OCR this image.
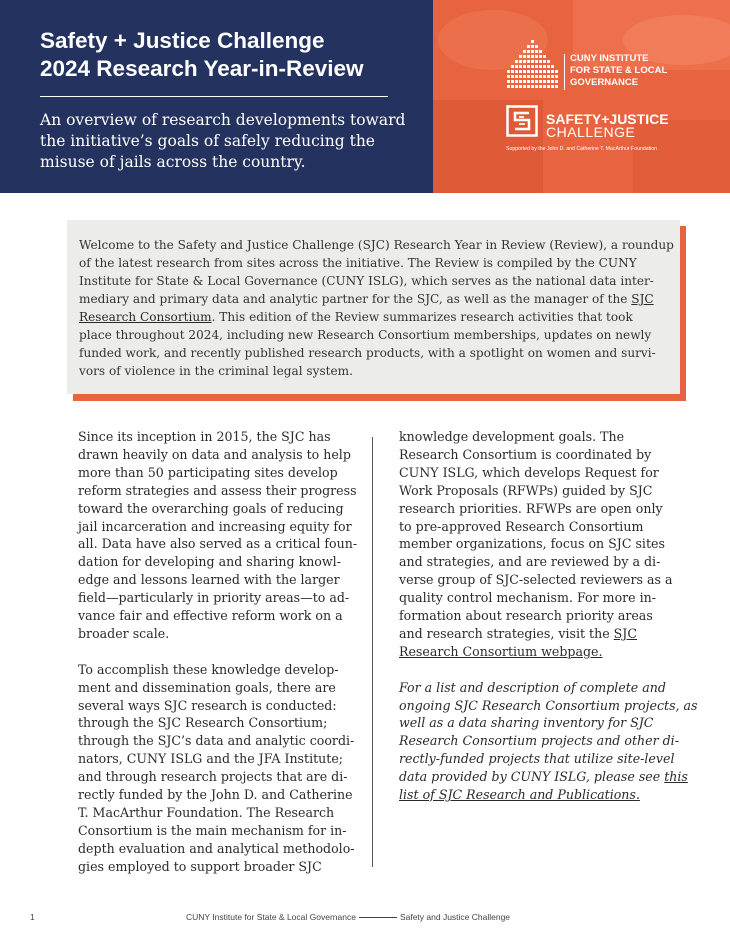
Safety + Justice Challenge
2024 Research Year-in-Review

An overview of research developments toward
the initiative’s goals of safely reducing the
misuse of jails across the country.

CUNY INSTITUTE
FOR STATE & LOCAL
GOVERNANCE
SAFETY+JUSTICE
CHALLENGE
Supported by the John D. and Catherine T. MacArthur Foundation
Welcome to the Safety and Justice Challenge (SJC) Research Year in Review (Review), a roundup
of the latest research from sites across the initiative. The Review is compiled by the CUNY
Institute for State & Local Governance (CUNY ISLG), which serves as the national data inter-
mediary and primary data and analytic partner for the SJC, as well as the manager of the SJC
Research Consortium. This edition of the Review summarizes research activities that took
place throughout 2024, including new Research Consortium memberships, updates on newly
funded work, and recently published research products, with a spotlight on women and survi-
vors of violence in the criminal legal system.
Since its inception in 2015, the SJC has
drawn heavily on data and analysis to help
more than 50 participating sites develop
reform strategies and assess their progress
toward the overarching goals of reducing
jail incarceration and increasing equity for
all. Data have also served as a critical foun-
dation for developing and sharing knowl-
edge and lessons learned with the larger
field—particularly in priority areas—to ad-
vance fair and effective reform work on a
broader scale.
To accomplish these knowledge develop-
ment and dissemination goals, there are
several ways SJC research is conducted:
through the SJC Research Consortium;
through the SJC’s data and analytic coordi-
nators, CUNY ISLG and the JFA Institute;
and through research projects that are di-
rectly funded by the John D. and Catherine
T. MacArthur Foundation. The Research
Consortium is the main mechanism for in-
depth evaluation and analytical methodolo-
gies employed to support broader SJC
knowledge development goals. The
Research Consortium is coordinated by
CUNY ISLG, which develops Request for
Work Proposals (RFWPs) guided by SJC
research priorities. RFWPs are open only
to pre-approved Research Consortium
member organizations, focus on SJC sites
and strategies, and are reviewed by a di-
verse group of SJC-selected reviewers as a
quality control mechanism. For more in-
formation about research priority areas
and research strategies, visit the SJC
Research Consortium webpage.
For a list and description of complete and
ongoing SJC Research Consortium projects, as
well as a data sharing inventory for SJC
Research Consortium projects and other di-
rectly-funded projects that utilize site-level
data provided by CUNY ISLG, please see this
list of SJC Research and Publications.
1	CUNY Institute for State & Local Governance	Safety and Justice Challenge
